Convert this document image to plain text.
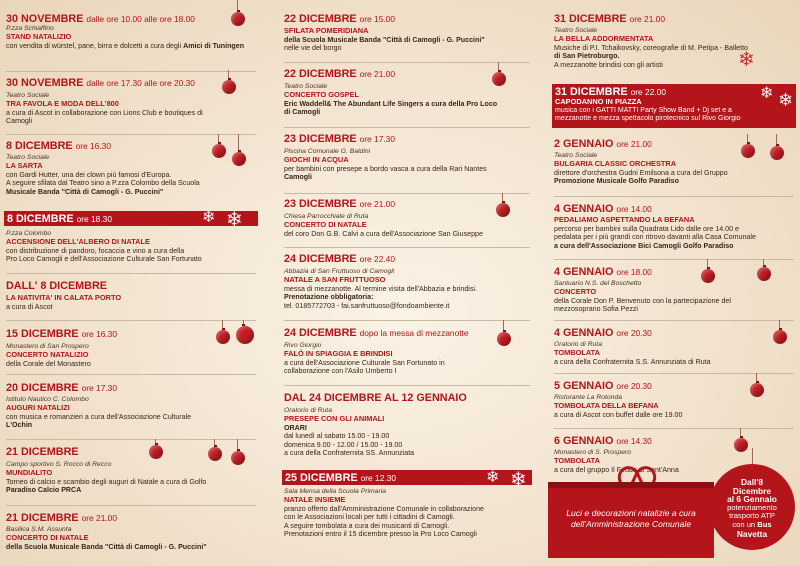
30 NOVEMBRE dalle ore 10.00 alle ore 18.00
P.zza Schiaffino
STAND NATALIZIO
con vendita di würstel, pane, birra e dolcetti a cura degli Amici di Tuningen
30 NOVEMBRE dalle ore 17.30 alle ore 20.30
Teatro Sociale
TRA FAVOLA E MODA DELL'800
a cura di Ascot in collaborazione con Lions Club e boutiques di
Camogli
8 DICEMBRE ore 16.30
Teatro Sociale
LA SARTA
con Gardi Hutter, una dei clown più famosi d'Europa.
A seguire sfilata dal Teatro sino a P.zza Colombo della Scuola
Musicale Banda "Città di Camogli - G. Puccini"
8 DICEMBRE ore 18.30
P.zza Colombo
ACCENSIONE DELL'ALBERO DI NATALE
con distribuzione di pandoro, focaccia e vino a cura della
Pro Loco Camogli e dell'Associazione Culturale San Fortunato
DALL' 8 DICEMBRE
LA NATIVITA' IN CALATA PORTO
a cura di Ascot
15 DICEMBRE ore 16.30
Monastero di San Prospero
CONCERTO NATALIZIO
della Corale del Monastero
20 DICEMBRE ore 17.30
Istituto Nautico C. Colombo
AUGURI NATALIZI
con musica e romanzieri a cura dell'Associazione Culturale
L'Ochin
21 DICEMBRE
Campo sportivo S. Rocco di Recco
MUNDIALITO
Torneo di calcio e scambio degli auguri di Natale a cura di Golfo
Paradiso Calcio PRCA
21 DICEMBRE ore 21.00
Basilica S.M. Assunta
CONCERTO DI NATALE
della Scuola Musicale Banda "Città di Camogli - G. Puccini"
22 DICEMBRE ore 15.00
SFILATA POMERIDIANA
della Scuola Musicale Banda "Città di Camogli - G. Puccini"
nelle vie del borgo
22 DICEMBRE ore 21.00
Teatro Sociale
CONCERTO GOSPEL
Eric Waddell& The Abundant Life Singers a cura della Pro Loco
di Camogli
23 DICEMBRE ore 17.30
Piscina Comunale G. Baldini
GIOCHI IN ACQUA
per bambini con presepe a bordo vasca a cura della Rari Nantes
Camogli
23 DICEMBRE ore 21.00
Chiesa Parrocchiale di Ruta
CONCERTO DI NATALE
del coro Don G.B. Calvi a cura dell'Associazione San Giuseppe
24 DICEMBRE ore 22.40
Abbazia di San Fruttuoso di Camogli
NATALE A SAN FRUTTUOSO
messa di mezzanotte. Al termine visita dell'Abbazia e brindisi.
Prenotazione obbligatoria:
tel. 0185772703 - fai.sanfruttuoso@fondoambiente.it
24 DICEMBRE dopo la messa di mezzanotte
Rivo Giorgio
FALÒ IN SPIAGGIA E BRINDISI
a cura dell'Associazione Culturale San Fortunato in
collaborazione con l'Asilo Umberto I
DAL 24 DICEMBRE AL 12 GENNAIO
Oratorio di Ruta
PRESEPE CON GLI ANIMALI
ORARI
dal lunedì al sabato 15.00 - 19.00
domenica 9.00 - 12.00 / 15.00 - 19.00
a cura della Confraternita SS. Annunziata
25 DICEMBRE ore 12.30
Sala Mensa della Scuola Primaria
NATALE INSIEME
pranzo offerto dall'Amministrazione Comunale in collaborazione
con le Associazioni locali per tutti i cittadini di Camogli.
A seguire tombolata a cura dei musicanti di Camogli.
Prenotazioni entro il 15 dicembre presso la Pro Loco Camogli
31 DICEMBRE ore 21.00
Teatro Sociale
LA BELLA ADDORMENTATA
Musiche di P.I. Tchaikovsky, coreografie di M. Petipa - Balletto
di San Pietroburgo.
A mezzanotte brindisi con gli artisti
31 DICEMBRE ore 22.00
CAPODANNO IN PIAZZA
musica con i GATTI MATTI Party Show Band + Dj set e a
mezzanotte e mezza spettacolo pirotecnico sul Rivo Giorgio
2 GENNAIO ore 21.00
Teatro Sociale
BULGARIA CLASSIC ORCHESTRA
direttore d'orchestra Gudni Emilsona a cura del Gruppo
Promozione Musicale Golfo Paradiso
4 GENNAIO ore 14.00
PEDALIAMO ASPETTANDO LA BEFANA
percorso per bambini sulla Quadrata Lido dalle ore 14.00 e
pedalata per i più grandi con ritrovo davanti alla Casa Comunale
a cura dell'Associazione Bici Camogli Golfo Paradiso
4 GENNAIO ore 18.00
Santuario N.S. del Boschetto
CONCERTO
della Corale Don P. Benvenuto con la partecipazione del
mezzosoprano Sofia Pezzi
4 GENNAIO ore 20.30
Oratorio di Ruta
TOMBOLATA
a cura della Confraternita S.S. Annunziata di Ruta
5 GENNAIO ore 20.30
Ristorante La Rotonda
TOMBOLATA DELLA BEFANA
a cura di Ascot con buffet dalle ore 19.00
6 GENNAIO ore 14.30
Monastero di S. Prospero
TOMBOLATA
a cura del gruppo Il Feudo di Sant'Anna
❄ ❄
❄ ❄
❄
❄ ❄
Luci e decorazioni natalizie a cura
dell'Amministrazione Comunale
Dall'8
Dicembre
al 6 Gennaio
potenziamento
trasporto ATP
con un Bus
Navetta
